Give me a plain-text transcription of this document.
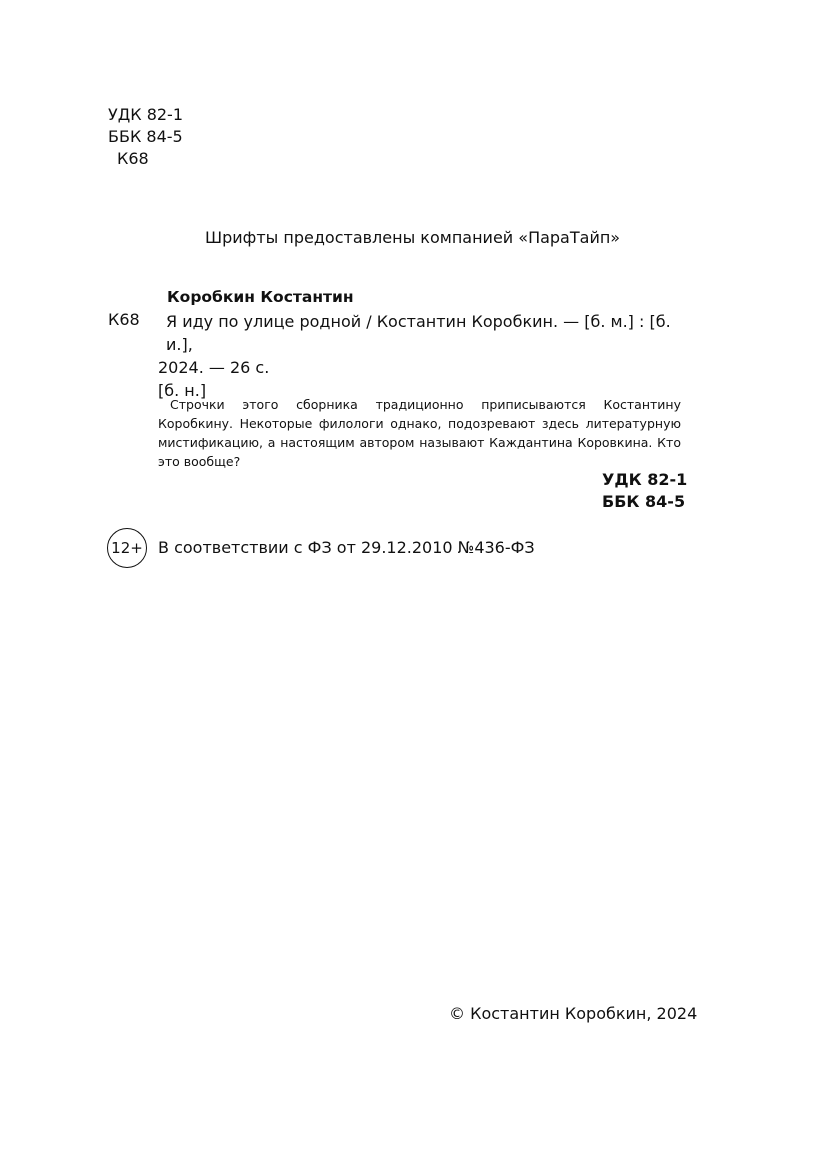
УДК 82-1
ББК 84-5
К68
Шрифты предоставлены компанией «ПараТайп»
Коробкин Костантин
К68	Я иду по улице родной / Костантин Коробкин. — [б. м.] : [б. и.],
2024. — 26 с.
[б. н.]

Строчки этого сборника традиционно приписываются Костантину Коробкину. Некоторые филологи однако, подозревают здесь литературную мистификацию, а настоящим автором называют Каждантина Коровкина. Кто это вообще?

УДК 82-1
ББК 84-5
12+ В соответствии с ФЗ от 29.12.2010 №436-ФЗ
© Костантин Коробкин, 2024
